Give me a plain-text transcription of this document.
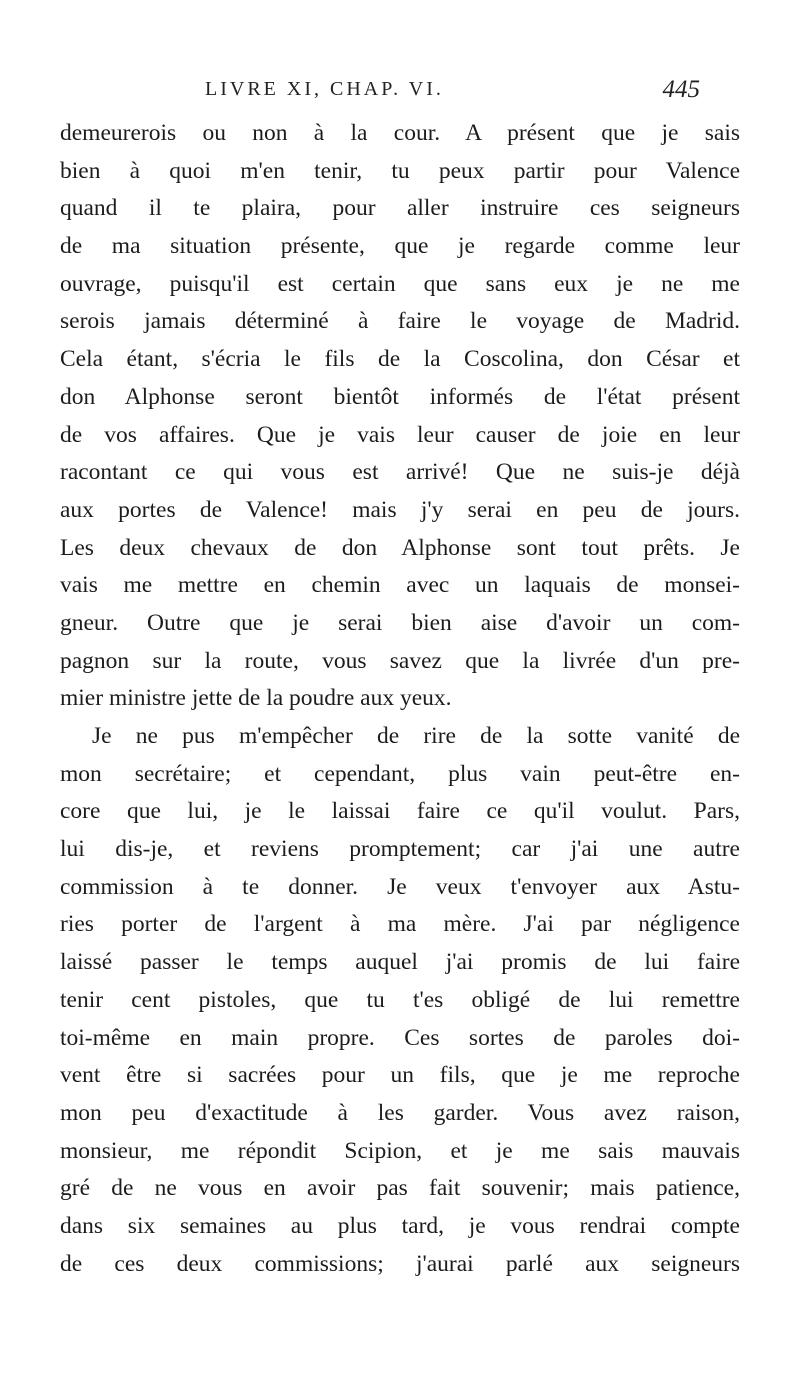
LIVRE XI, CHAP. VI.	445
demeurerois ou non à la cour. A présent que je sais
bien à quoi m'en tenir, tu peux partir pour Valence
quand il te plaira, pour aller instruire ces seigneurs
de ma situation présente, que je regarde comme leur
ouvrage, puisqu'il est certain que sans eux je ne me
serois jamais déterminé à faire le voyage de Madrid.
Cela étant, s'écria le fils de la Coscolina, don César et
don Alphonse seront bientôt informés de l'état présent
de vos affaires. Que je vais leur causer de joie en leur
racontant ce qui vous est arrivé! Que ne suis-je déjà
aux portes de Valence! mais j'y serai en peu de jours.
Les deux chevaux de don Alphonse sont tout prêts. Je
vais me mettre en chemin avec un laquais de monsei-
gneur. Outre que je serai bien aise d'avoir un com-
pagnon sur la route, vous savez que la livrée d'un pre-
mier ministre jette de la poudre aux yeux.
Je ne pus m'empêcher de rire de la sotte vanité de
mon secrétaire; et cependant, plus vain peut-être en-
core que lui, je le laissai faire ce qu'il voulut. Pars,
lui dis-je, et reviens promptement; car j'ai une autre
commission à te donner. Je veux t'envoyer aux Astu-
ries porter de l'argent à ma mère. J'ai par négligence
laissé passer le temps auquel j'ai promis de lui faire
tenir cent pistoles, que tu t'es obligé de lui remettre
toi-même en main propre. Ces sortes de paroles doi-
vent être si sacrées pour un fils, que je me reproche
mon peu d'exactitude à les garder. Vous avez raison,
monsieur, me répondit Scipion, et je me sais mauvais
gré de ne vous en avoir pas fait souvenir; mais patience,
dans six semaines au plus tard, je vous rendrai compte
de ces deux commissions; j'aurai parlé aux seigneurs
